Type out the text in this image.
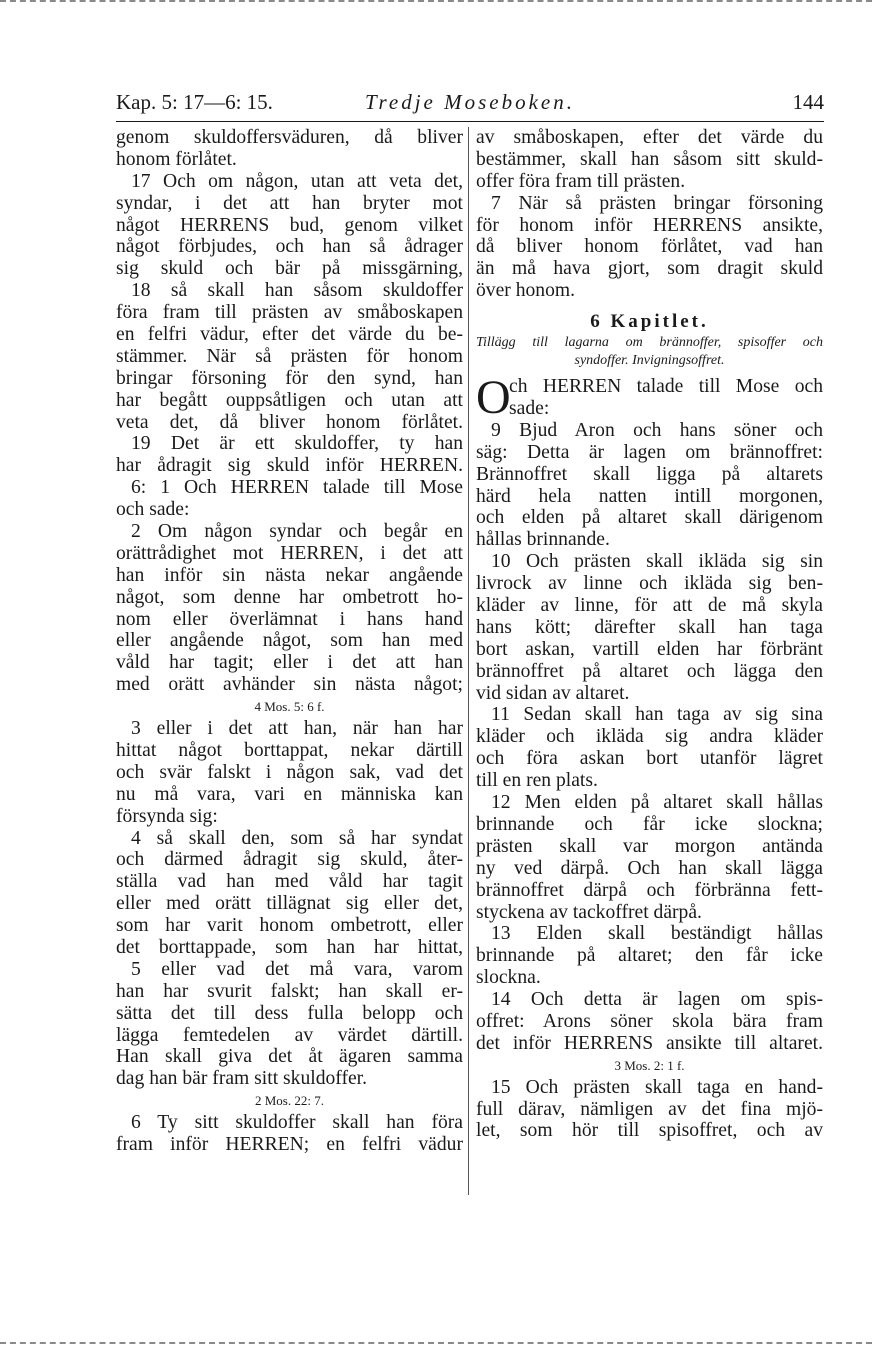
Kap. 5: 17—6: 15.	Tredje Moseboken.	144
genom skuldoffersväduren, då bliver
honom förlåtet.
17 Och om någon, utan att veta det,
syndar, i det att han bryter mot
något HERRENS bud, genom vilket
något förbjudes, och han så ådrager
sig skuld och bär på missgärning,
18 så skall han såsom skuldoffer
föra fram till prästen av småboskapen
en felfri vädur, efter det värde du be-
stämmer. När så prästen för honom
bringar försoning för den synd, han
har begått ouppsåtligen och utan att
veta det, då bliver honom förlåtet.
19 Det är ett skuldoffer, ty han
har ådragit sig skuld inför HERREN.
6: 1 Och HERREN talade till Mose
och sade:
2 Om någon syndar och begår en
orättrådighet mot HERREN, i det att
han inför sin nästa nekar angående
något, som denne har ombetrott ho-
nom eller överlämnat i hans hand
eller angående något, som han med
våld har tagit; eller i det att han
med orätt avhänder sin nästa något;
4 Mos. 5: 6 f.
3 eller i det att han, när han har
hittat något borttappat, nekar därtill
och svär falskt i någon sak, vad det
nu må vara, vari en människa kan
försynda sig:
4 så skall den, som så har syndat
och därmed ådragit sig skuld, åter-
ställa vad han med våld har tagit
eller med orätt tillägnat sig eller det,
som har varit honom ombetrott, eller
det borttappade, som han har hittat,
5 eller vad det må vara, varom
han har svurit falskt; han skall er-
sätta det till dess fulla belopp och
lägga femtedelen av värdet därtill.
Han skall giva det åt ägaren samma
dag han bär fram sitt skuldoffer.
2 Mos. 22: 7.
6 Ty sitt skuldoffer skall han föra
fram inför HERREN; en felfri vädur
av småboskapen, efter det värde du
bestämmer, skall han såsom sitt skuld-
offer föra fram till prästen.
7 När så prästen bringar försoning
för honom inför HERRENS ansikte,
då bliver honom förlåtet, vad han
än må hava gjort, som dragit skuld
över honom.
6 Kapitlet.
Tillägg till lagarna om brännoffer, spisoffer och
syndoffer. Invigningsoffret.
O
ch HERREN talade till Mose och
sade:
9 Bjud Aron och hans söner och
säg: Detta är lagen om brännoffret:
Brännoffret skall ligga på altarets
härd hela natten intill morgonen,
och elden på altaret skall därigenom
hållas brinnande.
10 Och prästen skall ikläda sig sin
livrock av linne och ikläda sig ben-
kläder av linne, för att de må skyla
hans kött; därefter skall han taga
bort askan, vartill elden har förbränt
brännoffret på altaret och lägga den
vid sidan av altaret.
11 Sedan skall han taga av sig sina
kläder och ikläda sig andra kläder
och föra askan bort utanför lägret
till en ren plats.
12 Men elden på altaret skall hållas
brinnande och får icke slockna;
prästen skall var morgon antända
ny ved därpå. Och han skall lägga
brännoffret därpå och förbränna fett-
styckena av tackoffret därpå.
13 Elden skall beständigt hållas
brinnande på altaret; den får icke
slockna.
14 Och detta är lagen om spis-
offret: Arons söner skola bära fram
det inför HERRENS ansikte till altaret.
3 Mos. 2: 1 f.
15 Och prästen skall taga en hand-
full därav, nämligen av det fina mjö-
let, som hör till spisoffret, och av
